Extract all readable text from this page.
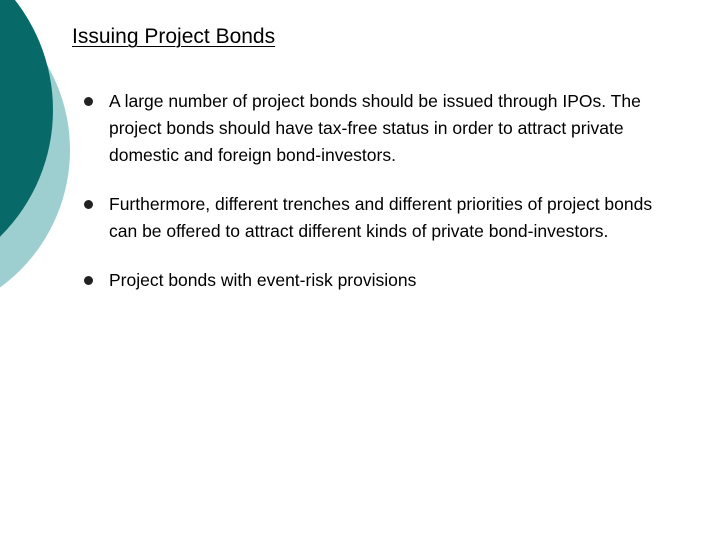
Issuing Project Bonds
A large number of project bonds should be issued through IPOs. The project bonds should have tax-free status in order to attract private domestic and foreign bond-investors.
Furthermore, different trenches and different priorities of project bonds can be offered to attract different kinds of private bond-investors.
Project bonds with event-risk provisions
